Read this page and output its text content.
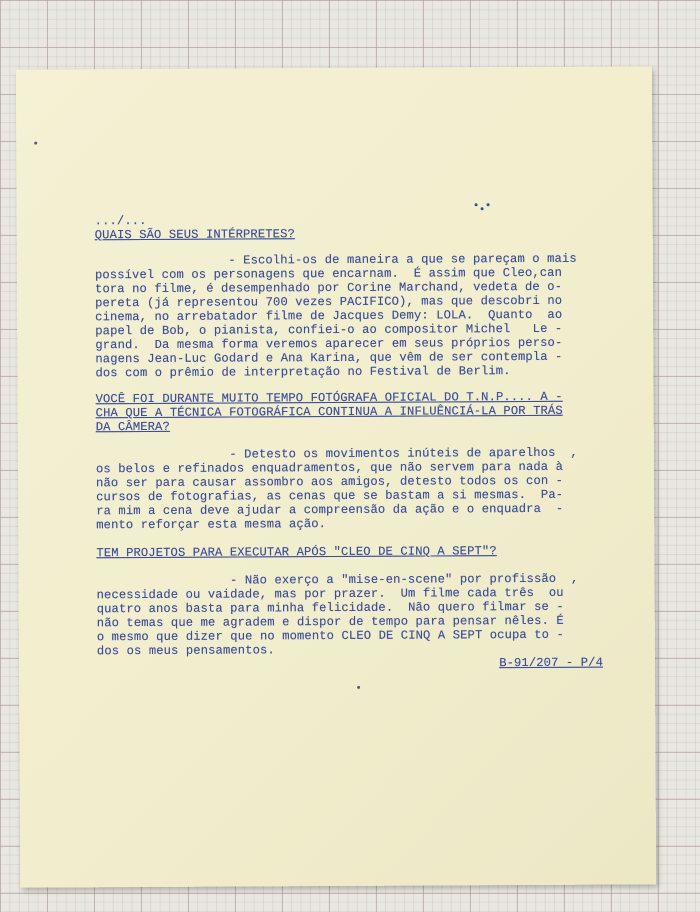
.../...

QUAIS SÃO SEUS INTÉRPRETES?

- Escolhi-os de maneira a que se pareçam o mais

possível com os personagens que encarnam.  É assim que Cleo,can

tora no filme, é desempenhado por Corine Marchand, vedeta de o-

pereta (já representou 700 vezes PACIFICO), mas que descobri no

cinema, no arrebatador filme de Jacques Demy: LOLA.  Quanto  ao

papel de Bob, o pianista, confiei-o ao compositor Michel   Le -

grand.  Da mesma forma veremos aparecer em seus próprios perso-

nagens Jean-Luc Godard e Ana Karina, que vêm de ser contempla -

dos com o prêmio de interpretação no Festival de Berlim.

VOCÊ FOI DURANTE MUITO TEMPO FOTÓGRAFA OFICIAL DO T.N.P.... A -

CHA QUE A TÉCNICA FOTOGRÁFICA CONTINUA A INFLUÊNCIÁ-LA POR TRÁS

DA CÂMERA?

- Detesto os movimentos inúteis de aparelhos  ,

os belos e refinados enquadramentos, que não servem para nada à

não ser para causar assombro aos amigos, detesto todos os con -

cursos de fotografias, as cenas que se bastam a si mesmas.  Pa-

ra mim a cena deve ajudar a compreensão da ação e o enquadra  -

mento reforçar esta mesma ação.

TEM PROJETOS PARA EXECUTAR APÓS "CLEO DE CINQ A SEPT"?

- Não exerço a "mise-en-scene" por profissão  ,

necessidade ou vaidade, mas por prazer.  Um filme cada três  ou

quatro anos basta para minha felicidade.  Não quero filmar se -

não temas que me agradem e dispor de tempo para pensar nêles. É

o mesmo que dizer que no momento CLEO DE CINQ A SEPT ocupa to -

dos os meus pensamentos.

B-91/207 - P/4
